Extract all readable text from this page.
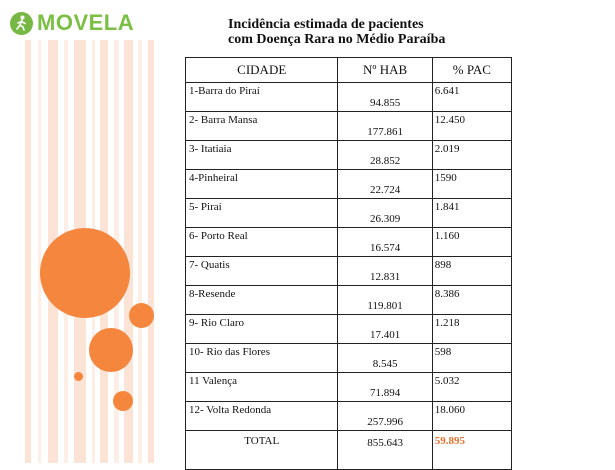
MOVELA	Incidência estimada de pacientes
com Doença Rara no Médio Paraíba
CIDADE	Nº HAB	% PAC
1-Barra do Piraí	94.855	6.641
2- Barra Mansa	177.861	12.450
3- Itatiaia	28.852	2.019
4-Pinheiral	22.724	1590
5- Piraí	26.309	1.841
6- Porto Real	16.574	1.160
7- Quatis	12.831	898
8-Resende	119.801	8.386
9- Rio Claro	17.401	1.218
10- Rio das Flores	8.545	598
11 Valença	71.894	5.032
12- Volta Redonda	257.996	18.060
TOTAL	855.643	59.895
